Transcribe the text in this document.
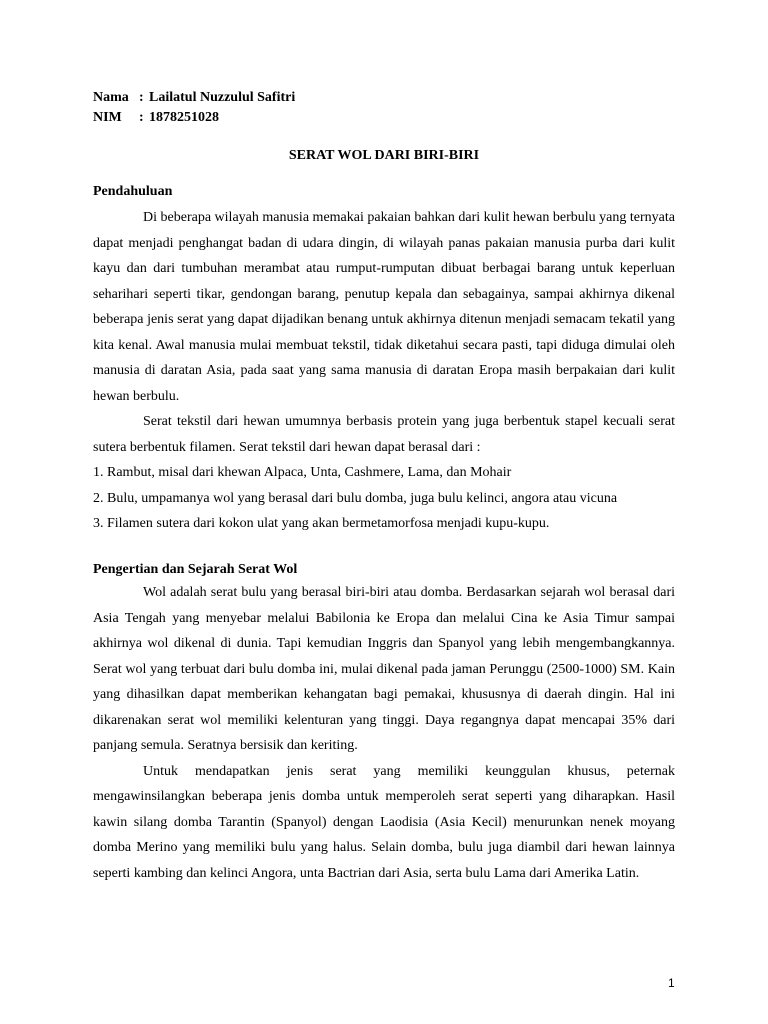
Nama : Lailatul Nuzzulul Safitri
NIM	: 1878251028
SERAT WOL DARI BIRI-BIRI
Pendahuluan

Di beberapa wilayah manusia memakai pakaian bahkan dari kulit hewan berbulu yang ternyata dapat menjadi penghangat badan di udara dingin, di wilayah panas pakaian manusia purba dari kulit kayu dan dari tumbuhan merambat atau rumput-rumputan dibuat berbagai barang untuk keperluan seharihari seperti tikar, gendongan barang, penutup kepala dan sebagainya, sampai akhirnya dikenal beberapa jenis serat yang dapat dijadikan benang untuk akhirnya ditenun menjadi semacam tekatil yang kita kenal. Awal manusia mulai membuat tekstil, tidak diketahui secara pasti, tapi diduga dimulai oleh manusia di daratan Asia, pada saat yang sama manusia di daratan Eropa masih berpakaian dari kulit hewan berbulu.

Serat tekstil dari hewan umumnya berbasis protein yang juga berbentuk stapel kecuali serat sutera berbentuk filamen. Serat tekstil dari hewan dapat berasal dari :

1. Rambut, misal dari khewan Alpaca, Unta, Cashmere, Lama, dan Mohair

2. Bulu, umpamanya wol yang berasal dari bulu domba, juga bulu kelinci, angora atau vicuna

3. Filamen sutera dari kokon ulat yang akan bermetamorfosa menjadi kupu-kupu.

Pengertian dan Sejarah Serat Wol

Wol adalah serat bulu yang berasal biri-biri atau domba. Berdasarkan sejarah wol berasal dari Asia Tengah yang menyebar melalui Babilonia ke Eropa dan melalui Cina ke Asia Timur sampai akhirnya wol dikenal di dunia. Tapi kemudian Inggris dan Spanyol yang lebih mengembangkannya. Serat wol yang terbuat dari bulu domba ini, mulai dikenal pada jaman Perunggu (2500-1000) SM. Kain yang dihasilkan dapat memberikan kehangatan bagi pemakai, khususnya di daerah dingin. Hal ini dikarenakan serat wol memiliki kelenturan yang tinggi. Daya regangnya dapat mencapai 35% dari panjang semula. Seratnya bersisik dan keriting.

Untuk mendapatkan jenis serat yang memiliki keunggulan khusus, peternak mengawinsilangkan beberapa jenis domba untuk memperoleh serat seperti yang diharapkan. Hasil kawin silang domba Tarantin (Spanyol) dengan Laodisia (Asia Kecil) menurunkan nenek moyang domba Merino yang memiliki bulu yang halus. Selain domba, bulu juga diambil dari hewan lainnya seperti kambing dan kelinci Angora, unta Bactrian dari Asia, serta bulu Lama dari Amerika Latin.

1
